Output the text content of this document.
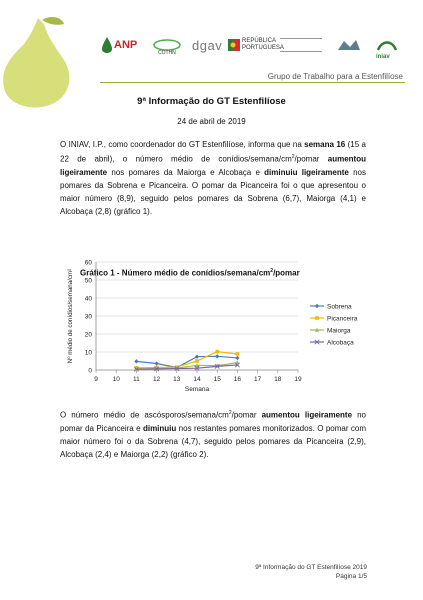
ANP
COTHN
dgav	REPÚBLICA PORTUGUESA
iniav
Grupo de Trabalho para a Estenfilíose
9ª Informação do GT Estenfilíose
24 de abril de 2019
O INIAV, I.P., como coordenador do GT Estenfilíose, informa que na semana 16 (15 a 22 de abril), o número médio de conídios/$semana/cm^2$/pomar aumentou ligeiramente nos pomares da Maiorga e Alcobaça e diminuiu ligeiramente nos pomares da Sobrena e Picanceira. O pomar da Picanceira foi o que apresentou o maior número (8,9), seguido pelos pomares da Sobrena (6,7), Maiorga (4,1) e Alcobaça (2,8) (gráfico 1).
Gráfico 1 - Número médio de conídios/$semana/cm^2$/pomar
0
10
20
30
40
50
60
9 10 11 12 13 14 15 16 17 18 19
Semana
Nº médio de conídios/semana/cm²	Sobrena
Picanceira
Maiorga
Alcobaça
O número médio de ascósporos/$semana/cm^2$/pomar aumentou ligeiramente no pomar da Picanceira e diminuiu nos restantes pomares monitorizados. O pomar com maior número foi o da Sobrena (4,7), seguido pelos pomares da Picanceira (2,9), Alcobaça (2,4) e Maiorga (2,2) (gráfico 2).
9ª Informação do GT Estenfilíose 2019
Página 1/5
